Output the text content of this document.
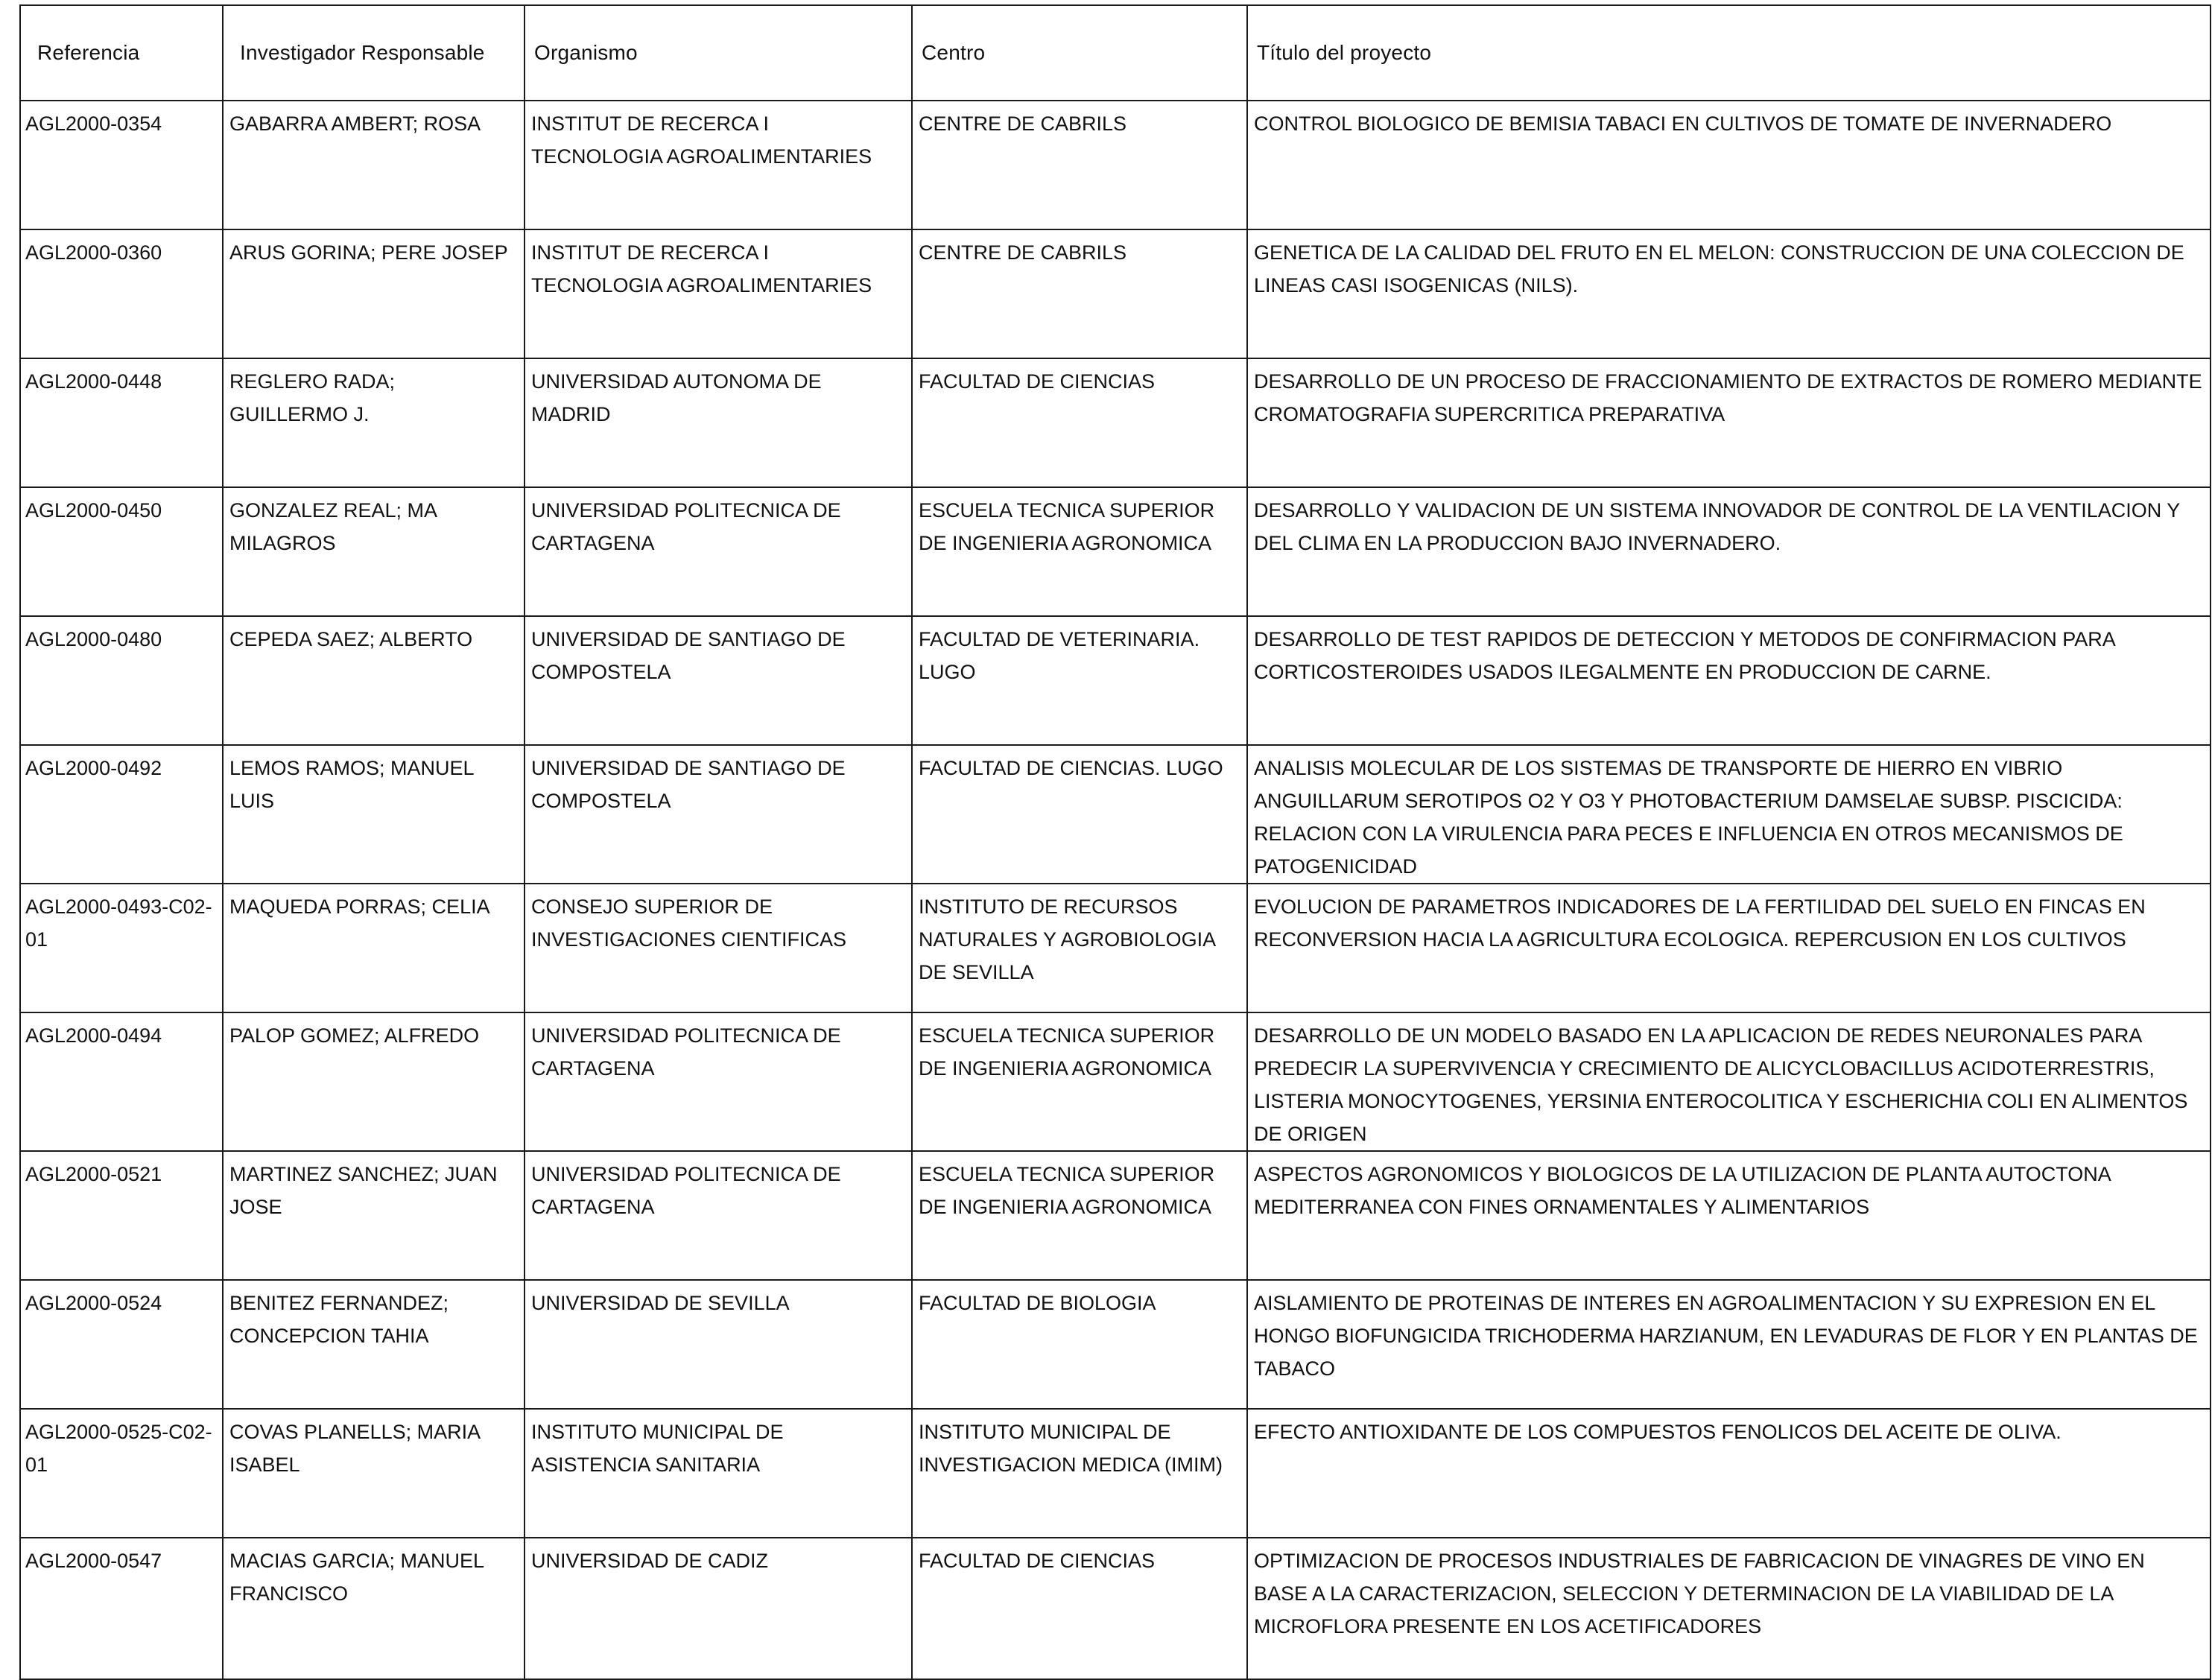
Referencia	Investigador Responsable	Organismo	Centro	Título del proyecto
AGL2000-0354	GABARRA AMBERT; ROSA	INSTITUT DE RECERCA I TECNOLOGIA AGROALIMENTARIES	CENTRE DE CABRILS	CONTROL BIOLOGICO DE BEMISIA TABACI EN CULTIVOS DE TOMATE DE INVERNADERO
AGL2000-0360	ARUS GORINA; PERE JOSEP	INSTITUT DE RECERCA I TECNOLOGIA AGROALIMENTARIES	CENTRE DE CABRILS	GENETICA DE LA CALIDAD DEL FRUTO EN EL MELON: CONSTRUCCION DE UNA COLECCION DE LINEAS CASI ISOGENICAS (NILS).
AGL2000-0448	REGLERO RADA; GUILLERMO J.	UNIVERSIDAD AUTONOMA DE MADRID	FACULTAD DE CIENCIAS	DESARROLLO DE UN PROCESO DE FRACCIONAMIENTO DE EXTRACTOS DE ROMERO MEDIANTE CROMATOGRAFIA SUPERCRITICA PREPARATIVA
AGL2000-0450	GONZALEZ REAL; MA MILAGROS	UNIVERSIDAD POLITECNICA DE CARTAGENA	ESCUELA TECNICA SUPERIOR DE INGENIERIA AGRONOMICA	DESARROLLO Y VALIDACION DE UN SISTEMA INNOVADOR DE CONTROL DE LA VENTILACION Y DEL CLIMA EN LA PRODUCCION BAJO INVERNADERO.
AGL2000-0480	CEPEDA SAEZ; ALBERTO	UNIVERSIDAD DE SANTIAGO DE COMPOSTELA	FACULTAD DE VETERINARIA. LUGO	DESARROLLO DE TEST RAPIDOS DE DETECCION Y METODOS DE CONFIRMACION PARA CORTICOSTEROIDES USADOS ILEGALMENTE EN PRODUCCION DE CARNE.
AGL2000-0492	LEMOS RAMOS; MANUEL LUIS	UNIVERSIDAD DE SANTIAGO DE COMPOSTELA	FACULTAD DE CIENCIAS. LUGO	ANALISIS MOLECULAR DE LOS SISTEMAS DE TRANSPORTE DE HIERRO EN VIBRIO ANGUILLARUM SEROTIPOS O2 Y O3 Y PHOTOBACTERIUM DAMSELAE SUBSP. PISCICIDA: RELACION CON LA VIRULENCIA PARA PECES E INFLUENCIA EN OTROS MECANISMOS DE PATOGENICIDAD
AGL2000-0493-C02-01	MAQUEDA PORRAS; CELIA	CONSEJO SUPERIOR DE INVESTIGACIONES CIENTIFICAS	INSTITUTO DE RECURSOS NATURALES Y AGROBIOLOGIA DE SEVILLA	EVOLUCION DE PARAMETROS INDICADORES DE LA FERTILIDAD DEL SUELO EN FINCAS EN RECONVERSION HACIA LA AGRICULTURA ECOLOGICA. REPERCUSION EN LOS CULTIVOS
AGL2000-0494	PALOP GOMEZ; ALFREDO	UNIVERSIDAD POLITECNICA DE CARTAGENA	ESCUELA TECNICA SUPERIOR DE INGENIERIA AGRONOMICA	DESARROLLO DE UN MODELO BASADO EN LA APLICACION DE REDES NEURONALES PARA PREDECIR LA SUPERVIVENCIA Y CRECIMIENTO DE ALICYCLOBACILLUS ACIDOTERRESTRIS, LISTERIA MONOCYTOGENES, YERSINIA ENTEROCOLITICA Y ESCHERICHIA COLI EN ALIMENTOS DE ORIGEN
AGL2000-0521	MARTINEZ SANCHEZ; JUAN JOSE	UNIVERSIDAD POLITECNICA DE CARTAGENA	ESCUELA TECNICA SUPERIOR DE INGENIERIA AGRONOMICA	ASPECTOS AGRONOMICOS Y BIOLOGICOS DE LA UTILIZACION DE PLANTA AUTOCTONA MEDITERRANEA CON FINES ORNAMENTALES Y ALIMENTARIOS
AGL2000-0524	BENITEZ FERNANDEZ; CONCEPCION TAHIA	UNIVERSIDAD DE SEVILLA	FACULTAD DE BIOLOGIA	AISLAMIENTO DE PROTEINAS DE INTERES EN AGROALIMENTACION Y SU EXPRESION EN EL HONGO BIOFUNGICIDA TRICHODERMA HARZIANUM, EN LEVADURAS DE FLOR Y EN PLANTAS DE TABACO
AGL2000-0525-C02-01	COVAS PLANELLS; MARIA ISABEL	INSTITUTO MUNICIPAL DE ASISTENCIA SANITARIA	INSTITUTO MUNICIPAL DE INVESTIGACION MEDICA (IMIM)	EFECTO ANTIOXIDANTE DE LOS COMPUESTOS FENOLICOS DEL ACEITE DE OLIVA.
AGL2000-0547	MACIAS GARCIA; MANUEL FRANCISCO	UNIVERSIDAD DE CADIZ	FACULTAD DE CIENCIAS	OPTIMIZACION DE PROCESOS INDUSTRIALES DE FABRICACION DE VINAGRES DE VINO EN BASE A LA CARACTERIZACION, SELECCION Y DETERMINACION DE LA VIABILIDAD DE LA MICROFLORA PRESENTE EN LOS ACETIFICADORES
